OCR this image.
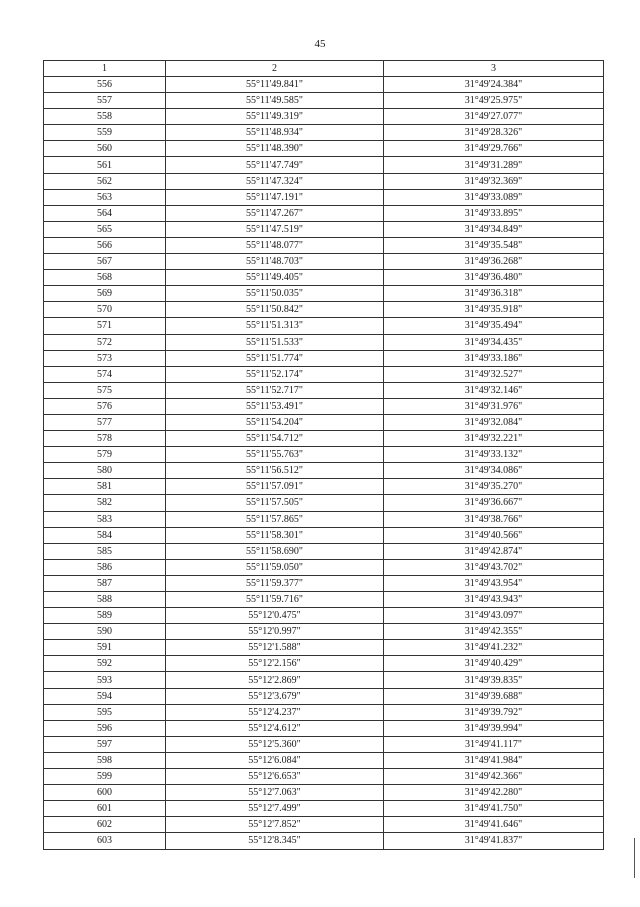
45
1	2	3
556	55°11'49.841"	31°49'24.384"
557	55°11'49.585"	31°49'25.975"
558	55°11'49.319"	31°49'27.077"
559	55°11'48.934"	31°49'28.326"
560	55°11'48.390"	31°49'29.766"
561	55°11'47.749"	31°49'31.289"
562	55°11'47.324"	31°49'32.369"
563	55°11'47.191"	31°49'33.089"
564	55°11'47.267"	31°49'33.895"
565	55°11'47.519"	31°49'34.849"
566	55°11'48.077"	31°49'35.548"
567	55°11'48.703"	31°49'36.268"
568	55°11'49.405"	31°49'36.480"
569	55°11'50.035"	31°49'36.318"
570	55°11'50.842"	31°49'35.918"
571	55°11'51.313"	31°49'35.494"
572	55°11'51.533"	31°49'34.435"
573	55°11'51.774"	31°49'33.186"
574	55°11'52.174"	31°49'32.527"
575	55°11'52.717"	31°49'32.146"
576	55°11'53.491"	31°49'31.976"
577	55°11'54.204"	31°49'32.084"
578	55°11'54.712"	31°49'32.221"
579	55°11'55.763"	31°49'33.132"
580	55°11'56.512"	31°49'34.086"
581	55°11'57.091"	31°49'35.270"
582	55°11'57.505"	31°49'36.667"
583	55°11'57.865"	31°49'38.766"
584	55°11'58.301"	31°49'40.566"
585	55°11'58.690"	31°49'42.874"
586	55°11'59.050"	31°49'43.702"
587	55°11'59.377"	31°49'43.954"
588	55°11'59.716"	31°49'43.943"
589	55°12'0.475"	31°49'43.097"
590	55°12'0.997"	31°49'42.355"
591	55°12'1.588"	31°49'41.232"
592	55°12'2.156"	31°49'40.429"
593	55°12'2.869"	31°49'39.835"
594	55°12'3.679"	31°49'39.688"
595	55°12'4.237"	31°49'39.792"
596	55°12'4.612"	31°49'39.994"
597	55°12'5.360"	31°49'41.117"
598	55°12'6.084"	31°49'41.984"
599	55°12'6.653"	31°49'42.366"
600	55°12'7.063"	31°49'42.280"
601	55°12'7.499"	31°49'41.750"
602	55°12'7.852"	31°49'41.646"
603	55°12'8.345"	31°49'41.837"
